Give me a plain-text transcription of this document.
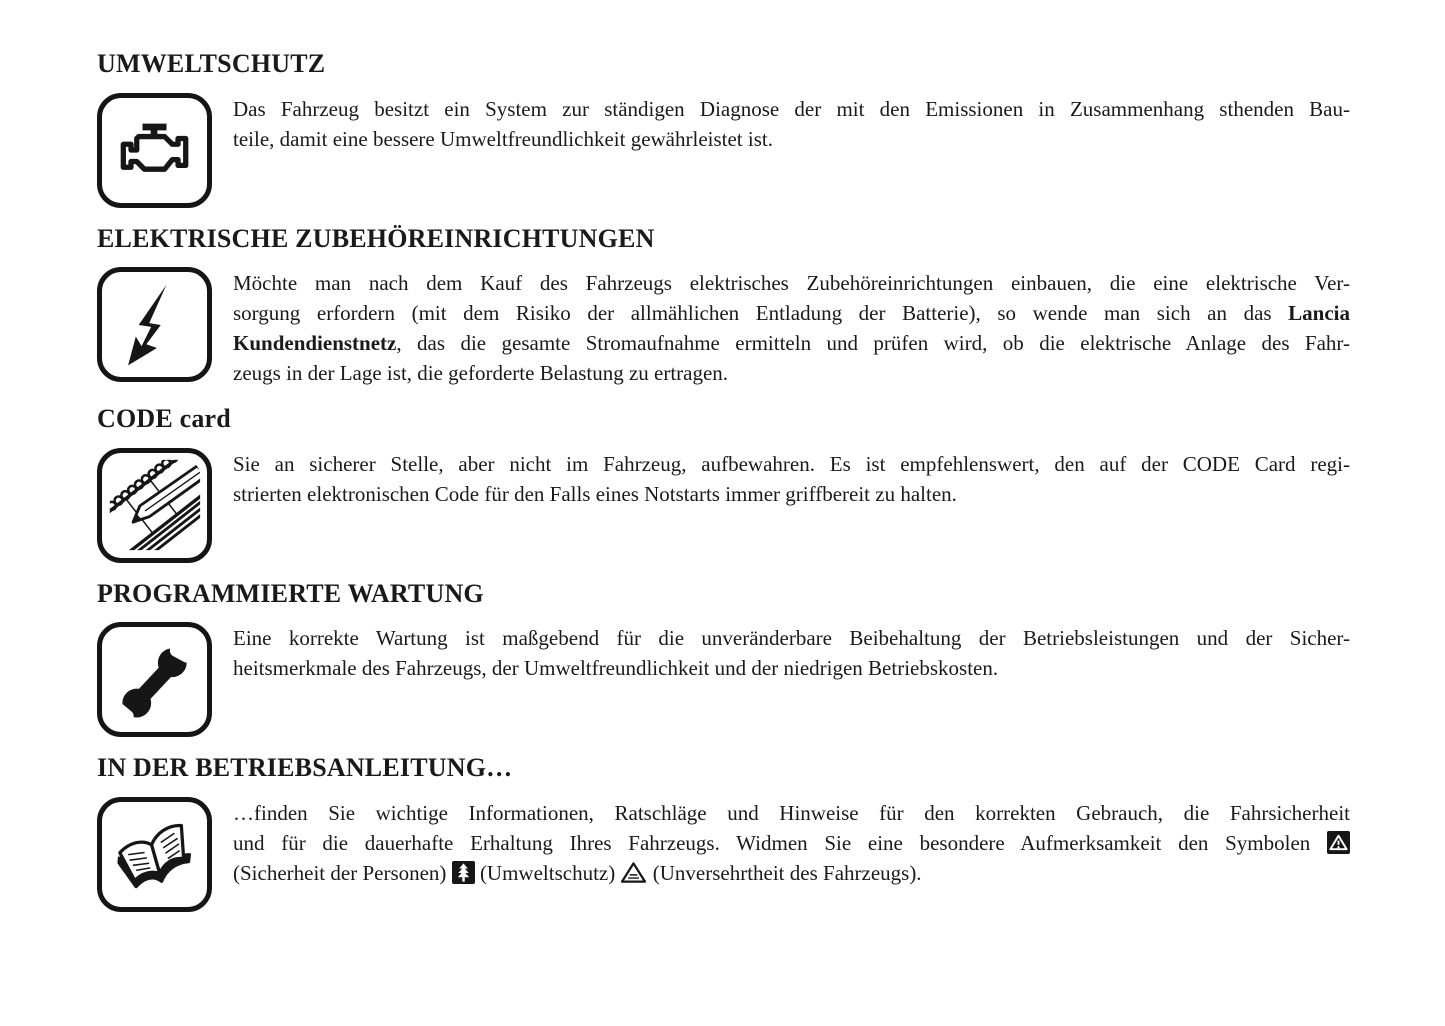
UMWELTSCHUTZ
Das Fahrzeug besitzt ein System zur ständigen Diagnose der mit den Emissionen in Zusammenhang sthenden Bau-
teile, damit eine bessere Umweltfreundlichkeit gewährleistet ist.
ELEKTRISCHE ZUBEHÖREINRICHTUNGEN
Möchte man nach dem Kauf des Fahrzeugs elektrisches Zubehöreinrichtungen einbauen, die eine elektrische Ver-
sorgung erfordern (mit dem Risiko der allmählichen Entladung der Batterie), so wende man sich an das Lancia
Kundendienstnetz, das die gesamte Stromaufnahme ermitteln und prüfen wird, ob die elektrische Anlage des Fahr-
zeugs in der Lage ist, die geforderte Belastung zu ertragen.
CODE card
Sie an sicherer Stelle, aber nicht im Fahrzeug, aufbewahren. Es ist empfehlenswert, den auf der CODE Card regi-
strierten elektronischen Code für den Falls eines Notstarts immer griffbereit zu halten.
PROGRAMMIERTE WARTUNG
Eine korrekte Wartung ist maßgebend für die unveränderbare Beibehaltung der Betriebsleistungen und der Sicher-
heitsmerkmale des Fahrzeugs, der Umweltfreundlichkeit und der niedrigen Betriebskosten.
IN DER BETRIEBSANLEITUNG…
…finden Sie wichtige Informationen, Ratschläge und Hinweise für den korrekten Gebrauch, die Fahrsicherheit
und für die dauerhafte Erhaltung Ihres Fahrzeugs. Widmen Sie eine besondere Aufmerksamkeit den Symbolen
(Sicherheit der Personen)  (Umweltschutz)  (Unversehrtheit des Fahrzeugs).
